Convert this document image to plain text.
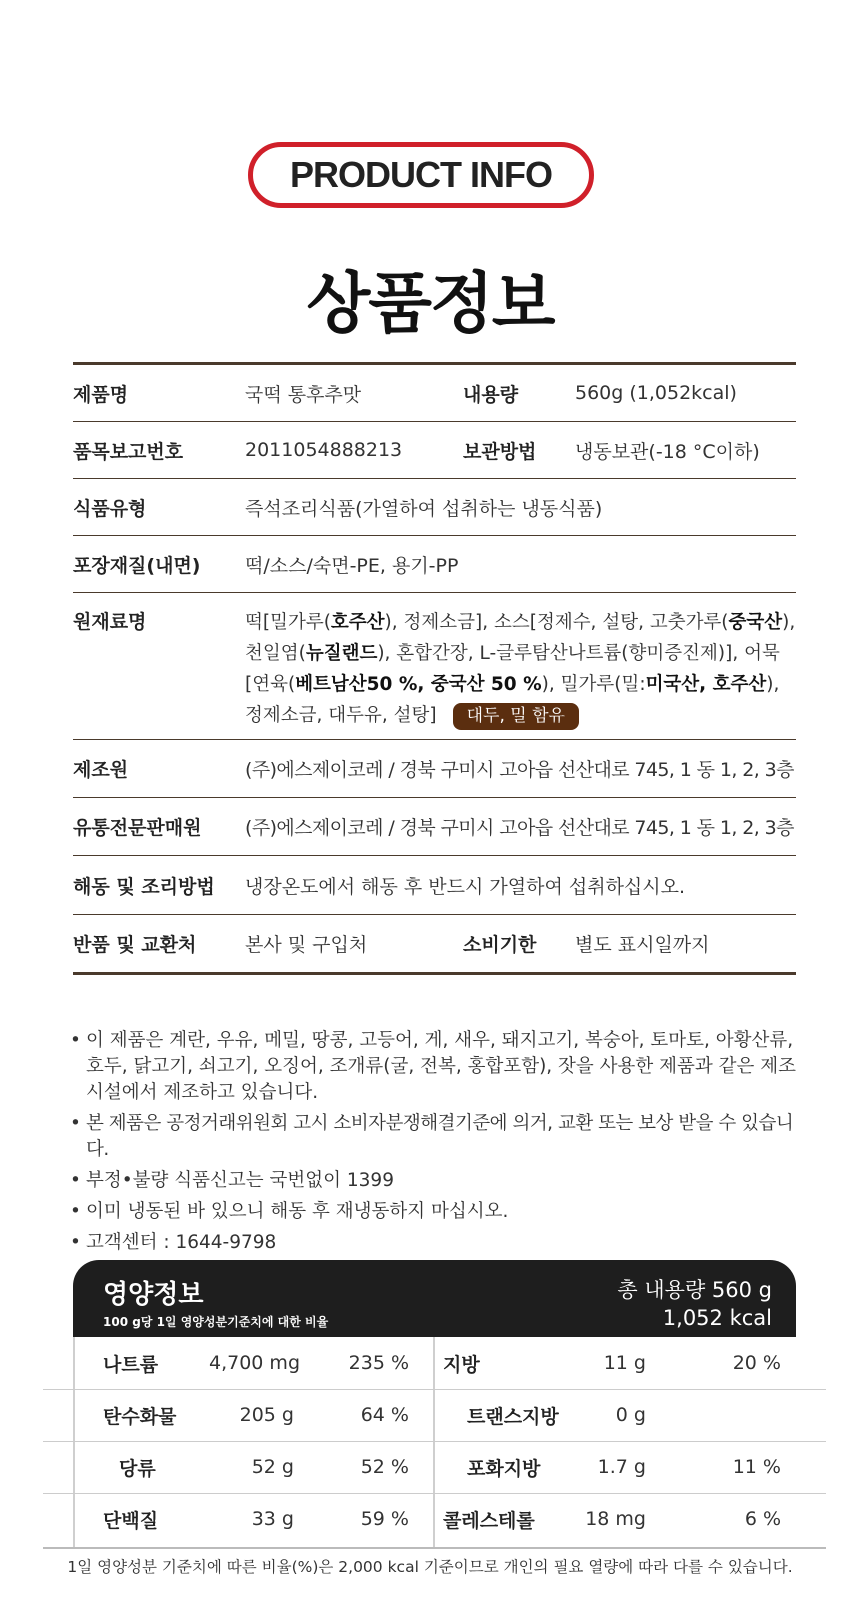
PRODUCT INFO
상품정보
제품명	국떡 통후추맛	내용량	560g (1,052kcal)
품목보고번호	2011054888213	보관방법	냉동보관(-18 °C이하)
식품유형	즉석조리식품(가열하여 섭취하는 냉동식품)
포장재질(내면)	떡/소스/숙면-PE, 용기-PP
원재료명	떡[밀가루(호주산), 정제소금], 소스[정제수, 설탕, 고춧가루(중국산),
천일염(뉴질랜드), 혼합간장, L-글루탐산나트륨(향미증진제)], 어묵
[연육(베트남산50 %, 중국산 50 %), 밀가루(밀:미국산, 호주산),
정제소금, 대두유, 설탕] 대두, 밀 함유
제조원	(주)에스제이코레 / 경북 구미시 고아읍 선산대로 745, 1 동 1, 2, 3층
유통전문판매원	(주)에스제이코레 / 경북 구미시 고아읍 선산대로 745, 1 동 1, 2, 3층
해동 및 조리방법	냉장온도에서 해동 후 반드시 가열하여 섭취하십시오.
반품 및 교환처	본사 및 구입처	소비기한	별도 표시일까지
• 이 제품은 계란, 우유, 메밀, 땅콩, 고등어, 게, 새우, 돼지고기, 복숭아, 토마토, 아황산류, 호두, 닭고기, 쇠고기, 오징어, 조개류(굴, 전복, 홍합포함), 잣을 사용한 제품과 같은 제조 시설에서 제조하고 있습니다.
• 본 제품은 공정거래위원회 고시 소비자분쟁해결기준에 의거, 교환 또는 보상 받을 수 있습니다.
• 부정•불량 식품신고는 국번없이 1399
• 이미 냉동된 바 있으니 해동 후 재냉동하지 마십시오.
• 고객센터 : 1644-9798
영양정보
100 g당 1일 영양성분기준치에 대한 비율
총 내용량 560 g
1,052 kcal
나트륨	4,700 mg	235 % 지방	11 g	20 %
탄수화물	205 g	64 %	트랜스지방	0 g
당류	52 g	52 %	포화지방	1.7 g	11 %
단백질	33 g	59 % 콜레스테롤	18 mg	6 %
1일 영양성분 기준치에 따른 비율(%)은 2,000 kcal 기준이므로 개인의 필요 열량에 따라 다를 수 있습니다.
